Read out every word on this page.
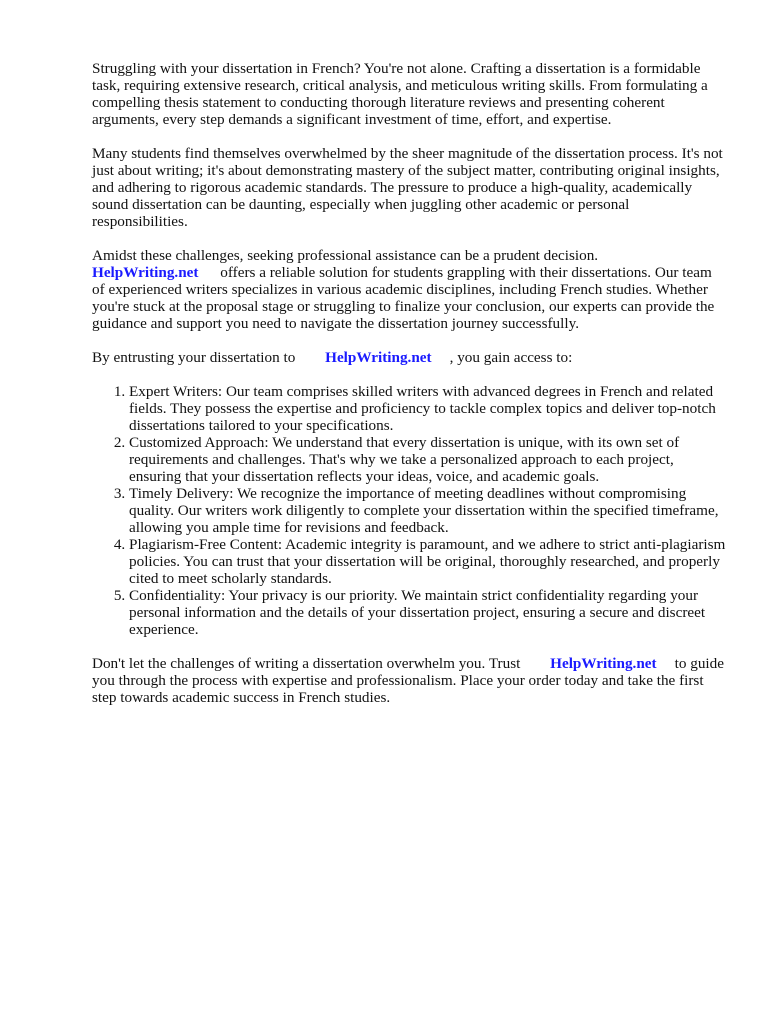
Struggling with your dissertation in French? You're not alone. Crafting a dissertation is a formidable task, requiring extensive research, critical analysis, and meticulous writing skills. From formulating a compelling thesis statement to conducting thorough literature reviews and presenting coherent arguments, every step demands a significant investment of time, effort, and expertise.

Many students find themselves overwhelmed by the sheer magnitude of the dissertation process. It's not just about writing; it's about demonstrating mastery of the subject matter, contributing original insights, and adhering to rigorous academic standards. The pressure to produce a high-quality, academically sound dissertation can be daunting, especially when juggling other academic or personal responsibilities.

Amidst these challenges, seeking professional assistance can be a prudent decision.
HelpWriting.net offers a reliable solution for students grappling with their dissertations. Our team of experienced writers specializes in various academic disciplines, including French studies. Whether you're stuck at the proposal stage or struggling to finalize your conclusion, our experts can provide the guidance and support you need to navigate the dissertation journey successfully.

By entrusting your dissertation to HelpWriting.net , you gain access to:

1. Expert Writers: Our team comprises skilled writers with advanced degrees in French and related fields. They possess the expertise and proficiency to tackle complex topics and deliver top-notch dissertations tailored to your specifications.
2. Customized Approach: We understand that every dissertation is unique, with its own set of requirements and challenges. That's why we take a personalized approach to each project, ensuring that your dissertation reflects your ideas, voice, and academic goals.
3. Timely Delivery: We recognize the importance of meeting deadlines without compromising quality. Our writers work diligently to complete your dissertation within the specified timeframe, allowing you ample time for revisions and feedback.
4. Plagiarism-Free Content: Academic integrity is paramount, and we adhere to strict anti-plagiarism policies. You can trust that your dissertation will be original, thoroughly researched, and properly cited to meet scholarly standards.
5. Confidentiality: Your privacy is our priority. We maintain strict confidentiality regarding your personal information and the details of your dissertation project, ensuring a secure and discreet experience.

Don't let the challenges of writing a dissertation overwhelm you. Trust HelpWriting.net to guide you through the process with expertise and professionalism. Place your order today and take the first step towards academic success in French studies.
